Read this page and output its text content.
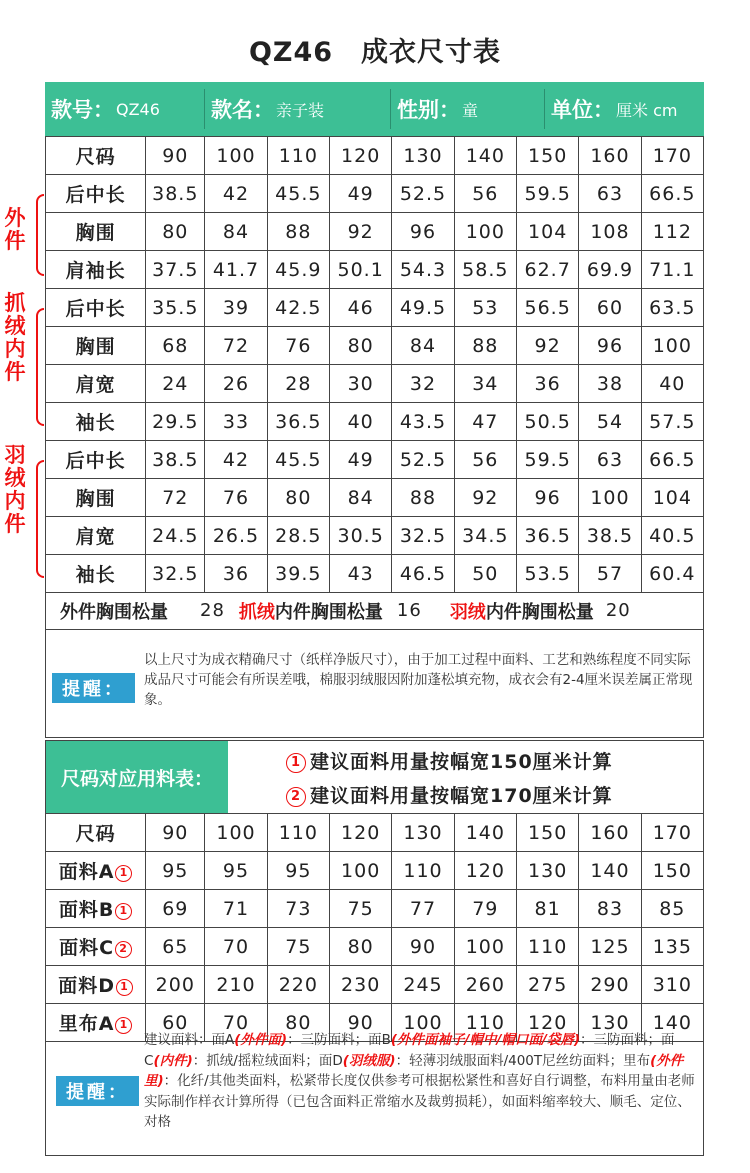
QZ46　成衣尺寸表
款号： QZ46 款名： 亲子装	性别： 童	单位： 厘米 cm
尺码	90	100	110	120	130	140	150	160	170
后中长	38.5	42	45.5	49	52.5	56	59.5	63	66.5
胸围	80	84	88	92	96	100	104	108	112
肩袖长	37.5	41.7	45.9	50.1	54.3	58.5	62.7	69.9	71.1
后中长	35.5	39	42.5	46	49.5	53	56.5	60	63.5
胸围	68	72	76	80	84	88	92	96	100
肩宽	24	26	28	30	32	34	36	38	40
袖长	29.5	33	36.5	40	43.5	47	50.5	54	57.5
后中长	38.5	42	45.5	49	52.5	56	59.5	63	66.5
胸围	72	76	80	84	88	92	96	100	104
肩宽	24.5	26.5	28.5	30.5	32.5	34.5	36.5	38.5	40.5
袖长	32.5	36	39.5	43	46.5	50	53.5	57	60.4
外件
抓绒内件
羽绒内件
外件胸围松量 28 抓绒 内件胸围松量 16 羽绒 内件胸围松量 20
提醒：
以上尺寸为成衣精确尺寸（纸样净版尺寸），由于加工过程中面料、工艺和熟练程度不同实际成品尺寸可能会有所误差哦，棉服羽绒服因附加蓬松填充物，成衣会有2-4厘米误差属正常现象。
尺码对应用料表：
1 建议面料用量按幅宽150厘米计算
2 建议面料用量按幅宽170厘米计算
尺码	90	100	110	120	130	140	150	160	170
面料A 1	95	95	95	100	110	120	130	140	150
面料B 1	69	71	73	75	77	79	81	83	85
面料C 2	65	70	75	80	90	100	110	125	135
面料D 1	200	210	220	230	245	260	275	290	310
里布A 1	60	70	80	90	100	110	120	130	140
提醒：
建议面料：面A(外件面)：三防面料；面B(外件面袖子/帽中/帽口面/袋唇)：三防面料；面C(内件)：抓绒/摇粒绒面料；面D(羽绒服)：轻薄羽绒服面料/400T尼丝纺面料；里布(外件里)：化纤/其他类面料，松紧带长度仅供参考可根据松紧性和喜好自行调整，布料用量由老师实际制作样衣计算所得（已包含面料正常缩水及裁剪损耗），如面料缩率较大、顺毛、定位、对格
